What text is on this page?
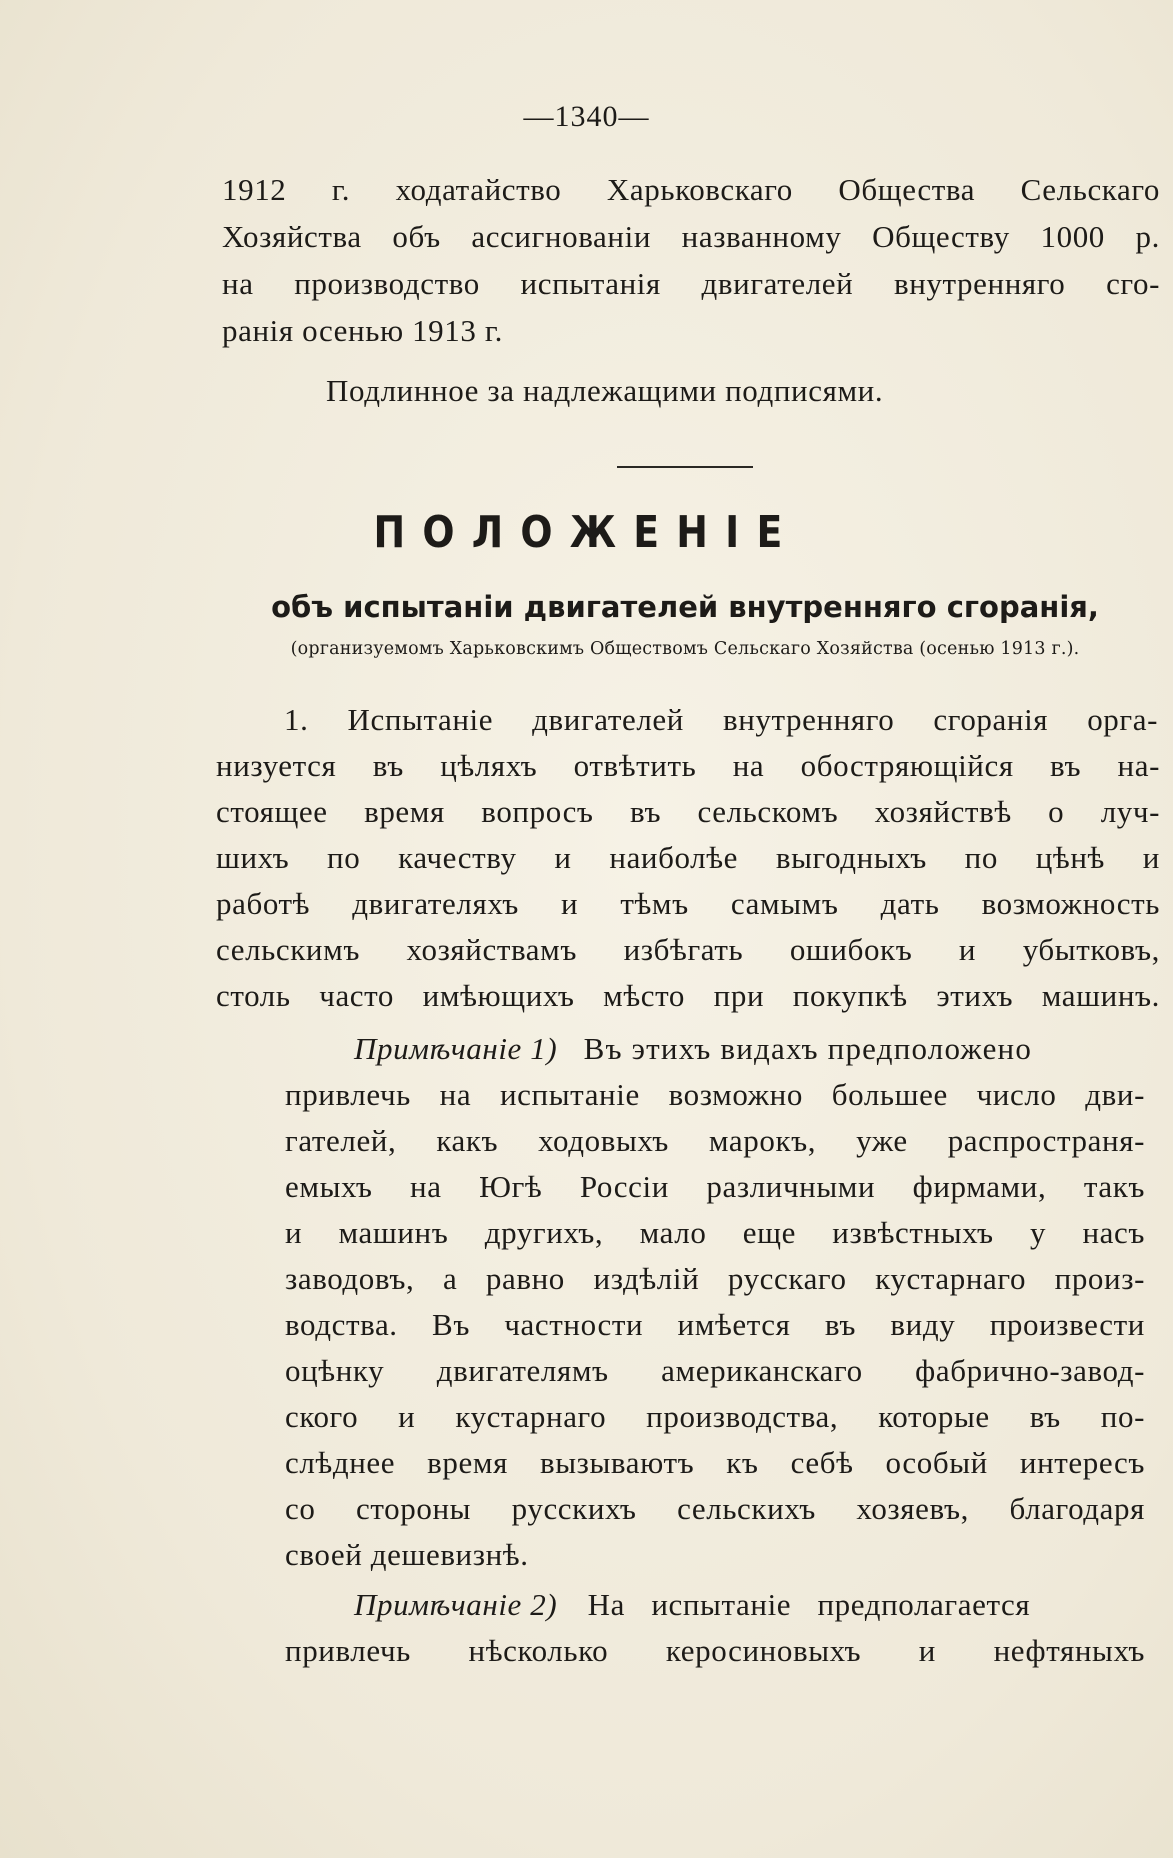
—1340—
1912 г. ходатайство Харьковскаго Общества Сельскаго
Хозяйства объ ассигнованiи названному Обществу 1000 р.
на производство испытанiя двигателей внутренняго сго-
ранiя осенью 1913 г.
Подлинное за надлежащими подписями.
ПОЛОЖЕНIЕ
объ испытанiи двигателей внутренняго сгоранiя,
(организуемомъ Харьковскимъ Обществомъ Сельскаго Хозяйства (осенью 1913 г.).
1. Испытанiе двигателей внутренняго сгоранiя орга-
низуется въ цѣляхъ отвѣтить на обостряющiйся въ на-
стоящее время вопросъ въ сельскомъ хозяйствѣ о луч-
шихъ по качеству и наиболѣе выгодныхъ по цѣнѣ и
работѣ двигателяхъ и тѣмъ самымъ дать возможность
сельскимъ хозяйствамъ избѣгать ошибокъ и убытковъ,
столь часто имѣющихъ мѣсто при покупкѣ этихъ машинъ.
Примѣчанiе 1) Въ этихъ видахъ предположено
привлечь на испытанiе возможно большее число дви-
гателей, какъ ходовыхъ марокъ, уже распространя-
емыхъ на Югѣ Россiи различными фирмами, такъ
и машинъ другихъ, мало еще извѣстныхъ у насъ
заводовъ, а равно издѣлiй русскаго кустарнаго произ-
водства. Въ частности имѣется въ виду произвести
оцѣнку двигателямъ американскаго фабрично-завод-
ского и кустарнаго производства, которые въ по-
слѣднее время вызываютъ къ себѣ особый интересъ
со стороны русскихъ сельскихъ хозяевъ, благодаря
своей дешевизнѣ.
Примѣчанiе 2) На испытанiе предполагается
привлечь нѣсколько керосиновыхъ и нефтяныхъ
